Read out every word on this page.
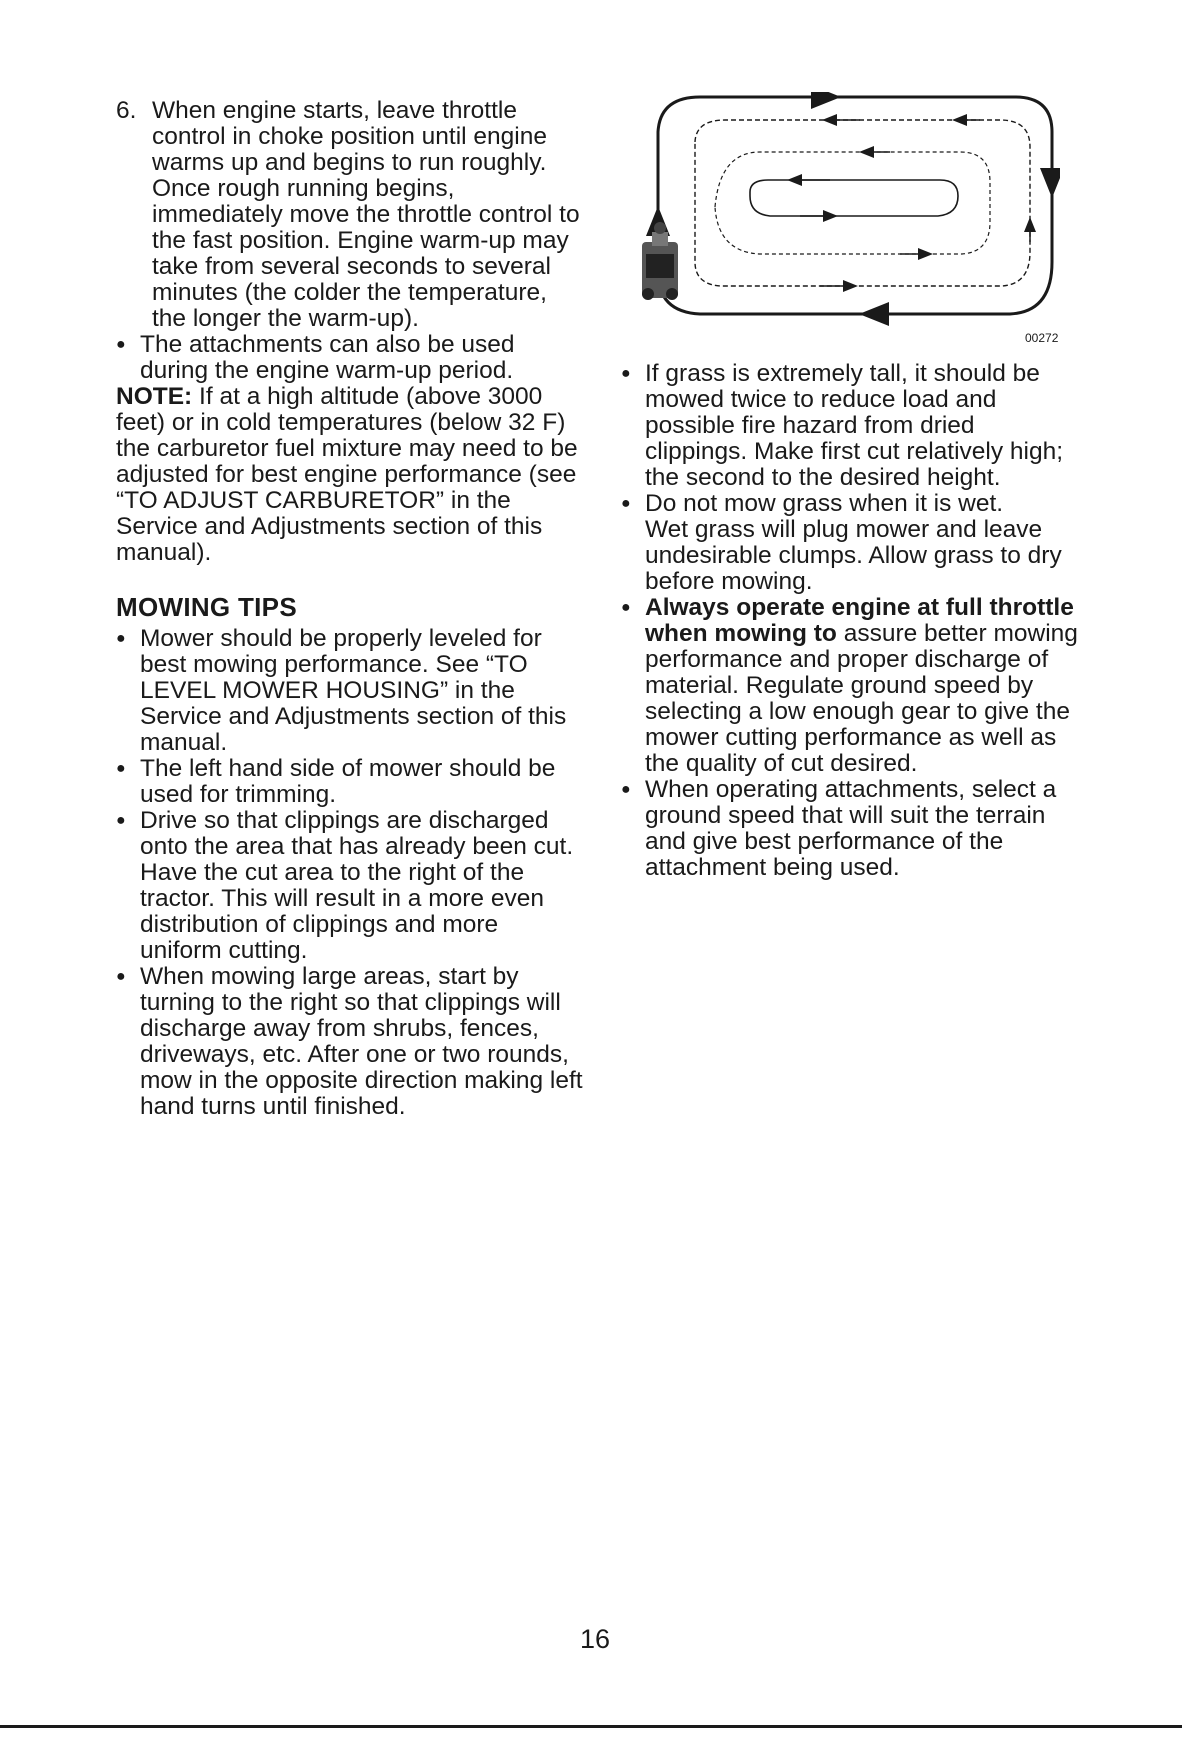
6. When engine starts, leave throttle control in choke position until engine warms up and begins to run roughly. Once rough running begins, immediately move the throttle control to the fast position. Engine warm-up may take from several seconds to several minutes (the colder the temperature, the longer the warm-up).
● The attachments can also be used during the engine warm-up period.
NOTE: If at a high altitude (above 3000 feet) or in cold temperatures (below 32 F) the carburetor fuel mixture may need to be adjusted for best engine performance (see “TO ADJUST CARBURETOR” in the Service and Adjustments section of this manual).
MOWING TIPS
● Mower should be properly leveled for best mowing performance. See “TO LEVEL MOWER HOUSING” in the Service and Adjustments section of this manual.
● The left hand side of mower should be used for trimming.
● Drive so that clippings are discharged onto the area that has already been cut. Have the cut area to the right of the tractor. This will result in a more even distribution of clippings and more uniform cutting.
● When mowing large areas, start by turning to the right so that clippings will discharge away from shrubs, fences, driveways, etc. After one or two rounds, mow in the opposite direction making left hand turns until finished.
00272
● If grass is extremely tall, it should be mowed twice to reduce load and possible fire hazard from dried clippings. Make first cut relatively high; the second to the desired height.
● Do not mow grass when it is wet.
Wet grass will plug mower and leave undesirable clumps. Allow grass to dry before mowing.
● Always operate engine at full throttle when mowing to assure better mowing performance and proper discharge of material. Regulate ground speed by selecting a low enough gear to give the mower cutting performance as well as the quality of cut desired.
● When operating attachments, select a ground speed that will suit the terrain and give best performance of the attachment being used.
16
